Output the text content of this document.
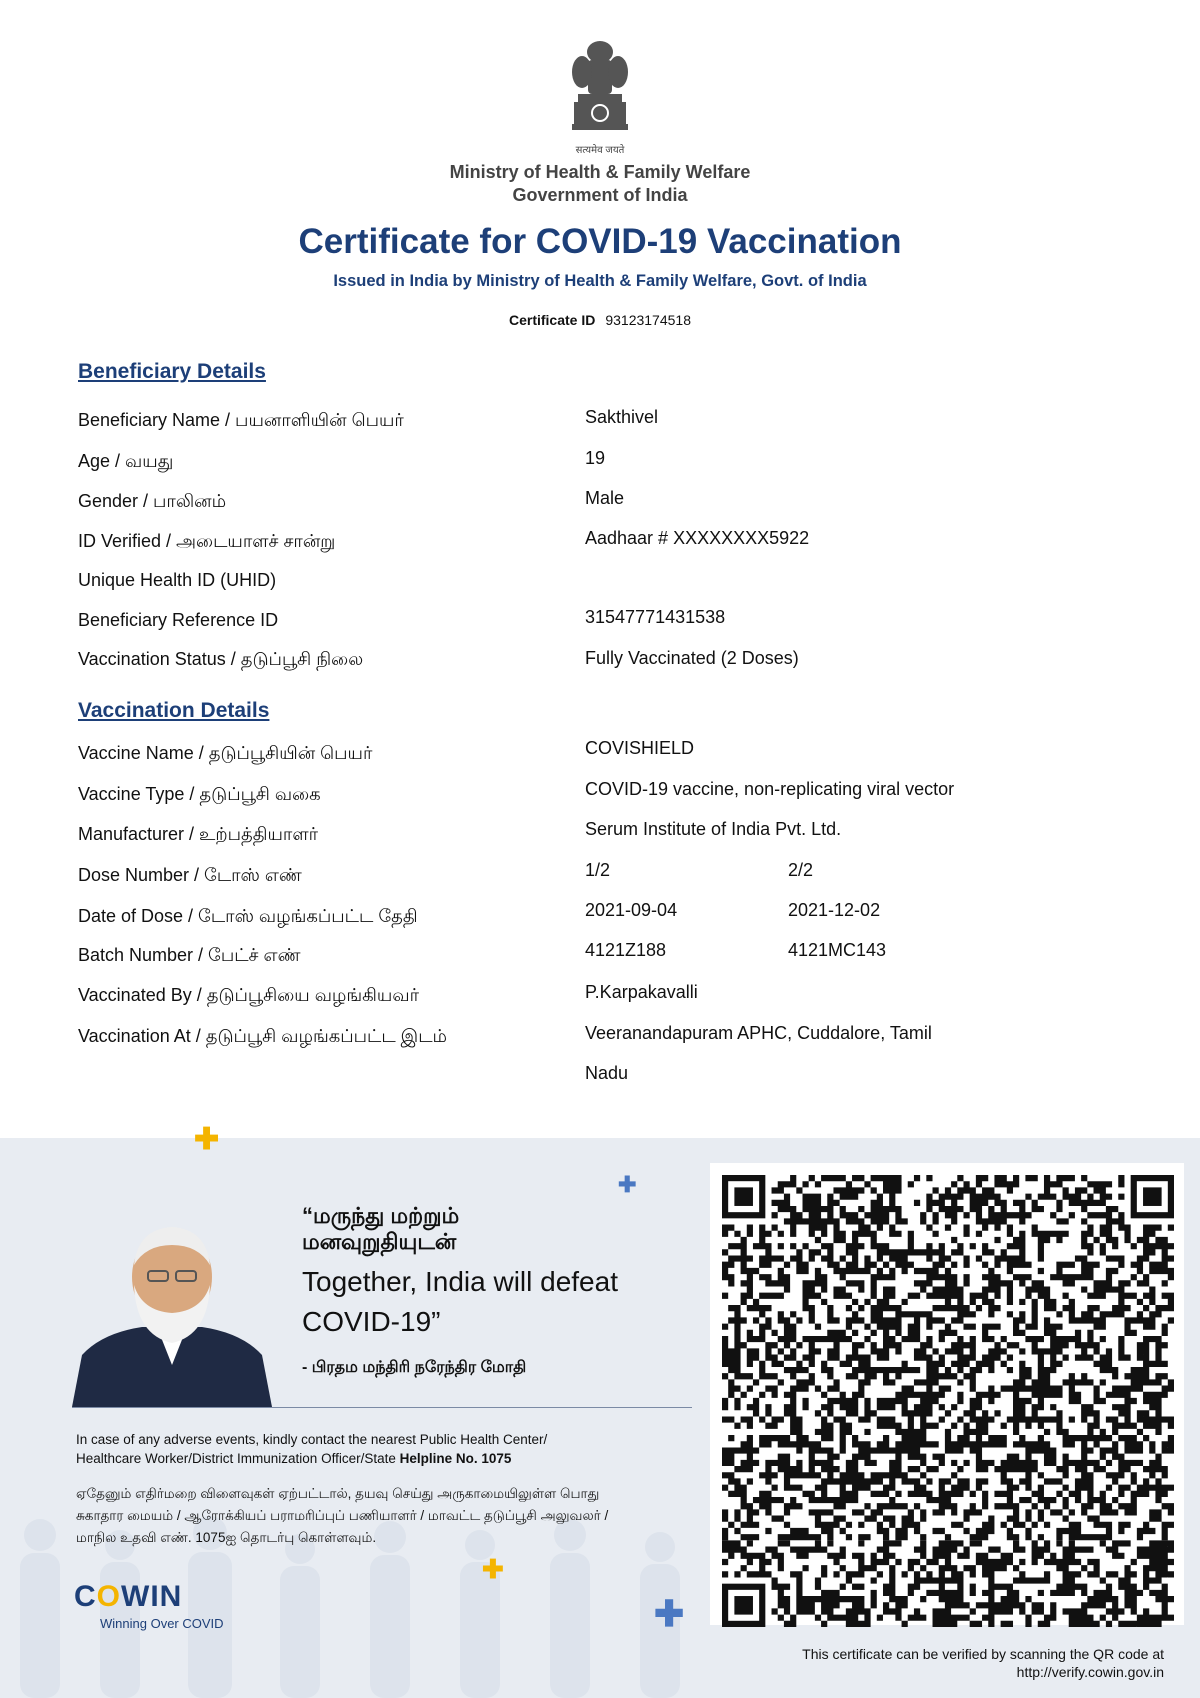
सत्यमेव जयते
Ministry of Health & Family Welfare
Government of India
Certificate for COVID-19 Vaccination
Issued in India by Ministry of Health & Family Welfare, Govt. of India
Certificate ID 93123174518
Beneficiary Details
Beneficiary Name / பயனாளியின் பெயர்	Sakthivel
Age / வயது	19
Gender / பாலினம்	Male
ID Verified / அடையாளச் சான்று	Aadhaar # XXXXXXXX5922
Unique Health ID (UHID)
Beneficiary Reference ID	31547771431538
Vaccination Status / தடுப்பூசி நிலை	Fully Vaccinated (2 Doses)
Vaccination Details
Vaccine Name / தடுப்பூசியின் பெயர்	COVISHIELD
Vaccine Type / தடுப்பூசி வகை	COVID-19 vaccine, non-replicating viral vector
Manufacturer / உற்பத்தியாளர்	Serum Institute of India Pvt. Ltd.
Dose Number / டோஸ் எண்	1/2	2/2
Date of Dose / டோஸ் வழங்கப்பட்ட தேதி	2021-09-04	2021-12-02
Batch Number / பேட்ச் எண்	4121Z188	4121MC143
Vaccinated By / தடுப்பூசியை வழங்கியவர்	P.Karpakavalli
Vaccination At / தடுப்பூசி வழங்கப்பட்ட இடம்	Veeranandapuram APHC, Cuddalore, Tamil
Nadu
✚
✚
✚
✚
“மருந்து மற்றும்
மனவுறுதியுடன்
Together, India will defeat
COVID-19”
- பிரதம மந்திரி நரேந்திர மோதி
In case of any adverse events, kindly contact the nearest Public Health Center/
Healthcare Worker/District Immunization Officer/State Helpline No. 1075
ஏதேனும் எதிர்மறை விளைவுகள் ஏற்பட்டால், தயவு செய்து அருகாமையிலுள்ள பொது
சுகாதார மையம் / ஆரோக்கியப் பராமரிப்புப் பணியாளர் / மாவட்ட தடுப்பூசி அலுவலர் /
மாநில உதவி எண். 1075ஐ தொடர்பு கொள்ளவும்.
COWIN
Winning Over COVID
This certificate can be verified by scanning the QR code at
http://verify.cowin.gov.in
